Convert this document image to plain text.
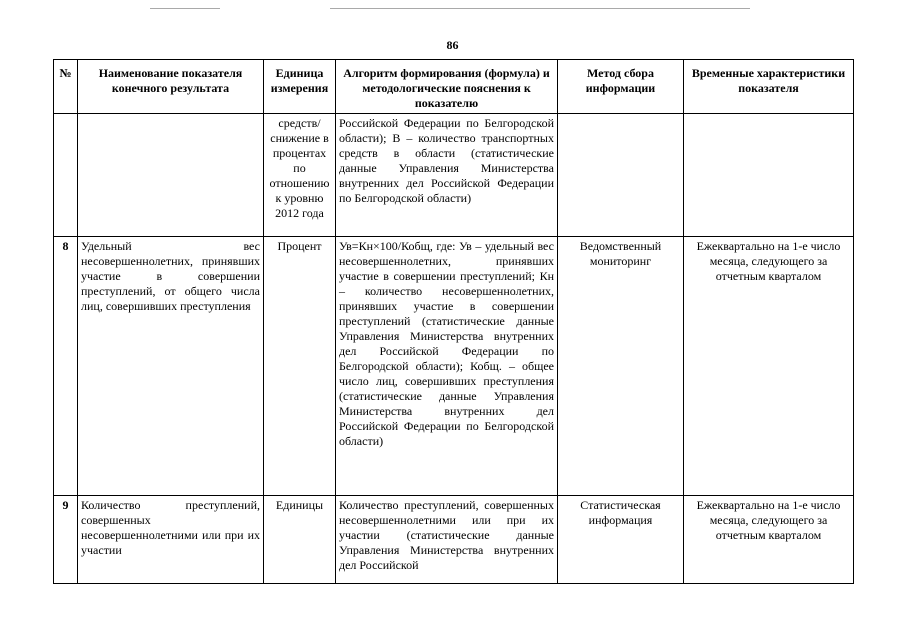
86
№	Наименование показателя конечного результата	Единица измерения	Алгоритм формирования (формула) и методологические пояснения к показателю	Метод сбора информации	Временные характеристики показателя
		средств/ снижение в процентах по отношению к уровню 2012 года	Российской Федерации по Белгородской области); В – количество транспортных средств в области (статистические данные Управления Министерства внутренних дел Российской Федерации по Белгородской области)		
8	Удельный вес несовершеннолетних, принявших участие в совершении преступлений, от общего числа лиц, совершивших преступления	Процент	Ув=Кн×100/Кобщ, где: Ув – удельный вес несовершеннолетних, принявших участие в совершении преступлений; Кн – количество несовершеннолетних, принявших участие в совершении преступлений (статистические данные Управления Министерства внутренних дел Российской Федерации по Белгородской области); Кобщ. – общее число лиц, совершивших преступления (статистические данные Управления Министерства внутренних дел Российской Федерации по Белгородской области)	Ведомственный мониторинг	Ежеквартально на 1-е число месяца, следующего за отчетным кварталом
9	Количество преступлений, совершенных несовершеннолетними или при их участии	Единицы	Количество преступлений, совершенных несовершеннолетними или при их участии (статистические данные Управления Министерства внутренних дел Российской	Статистическая информация	Ежеквартально на 1-е число месяца, следующего за отчетным кварталом
